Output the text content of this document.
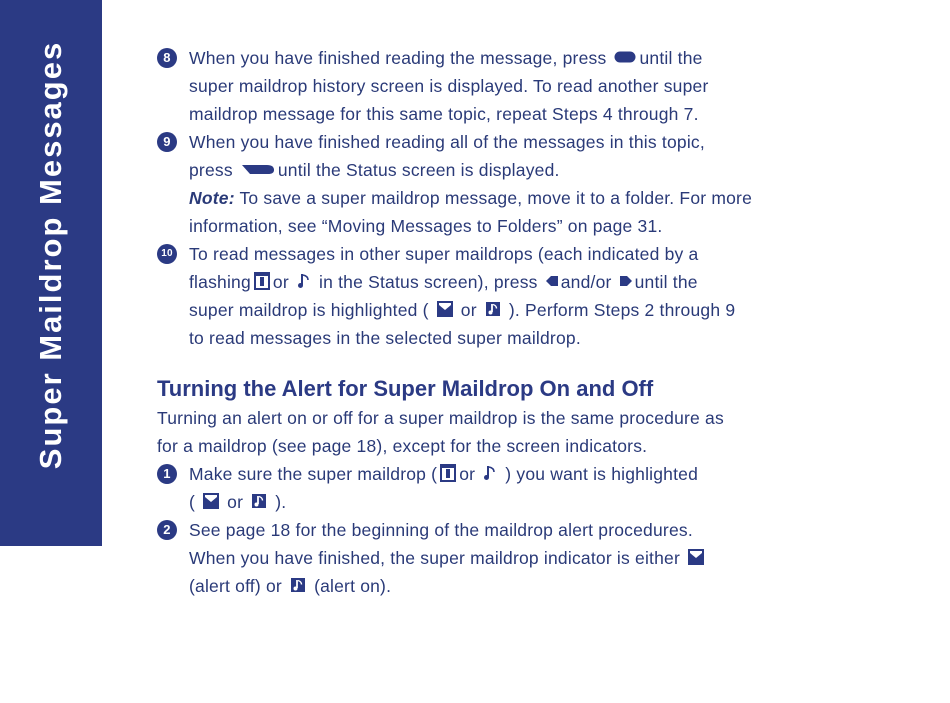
Super Maildrop Messages	8	When you have finished reading the message, press until the
super maildrop history screen is displayed. To read another super
maildrop message for this same topic, repeat Steps 4 through 7.
9	When you have finished reading all of the messages in this topic,
press	until the Status screen is displayed.
Note: To save a super maildrop message, move it to a folder. For more
information, see “Moving Messages to Folders” on page 31.
10 To read messages in other super maildrops (each indicated by a
flashing or in the Status screen), press and/or until the
super maildrop is highlighted ( or ). Perform Steps 2 through 9
to read messages in the selected super maildrop.
Turning the Alert for Super Maildrop On and Off
Turning an alert on or off for a super maildrop is the same procedure as
for a maildrop (see page 18), except for the screen indicators.
1	Make sure the super maildrop ( or ) you want is highlighted
( or ).
2	See page 18 for the beginning of the maildrop alert procedures.
When you have finished, the super maildrop indicator is either
(alert off) or (alert on).
